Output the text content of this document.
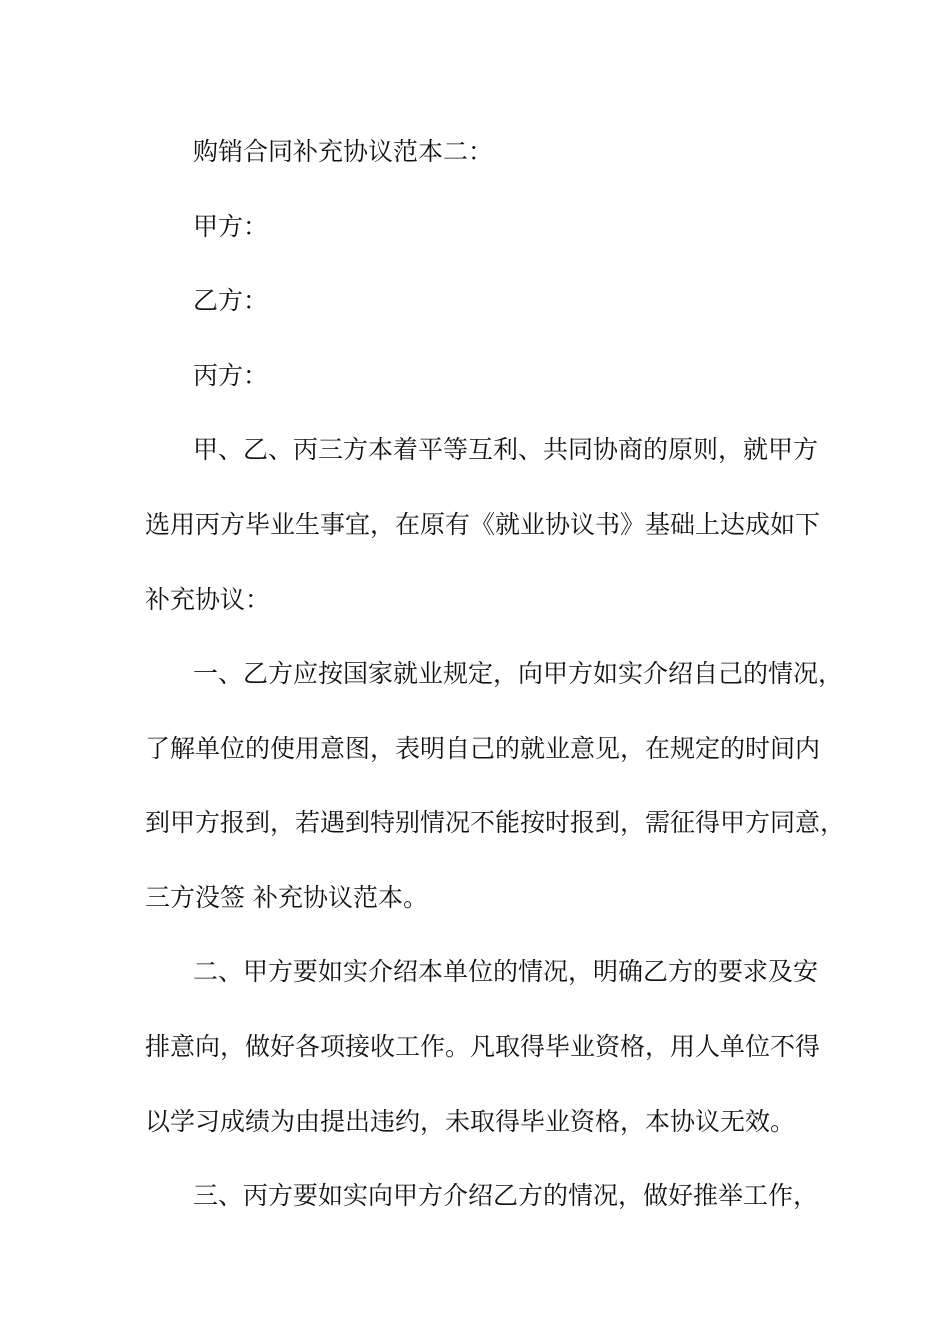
购销合同补充协议范本二：
甲方：
乙方：
丙方：
甲、乙、丙三方本着平等互利、共同协商的原则，就甲方
选用丙方毕业生事宜，在原有《就业协议书》基础上达成如下
补充协议：
一、乙方应按国家就业规定，向甲方如实介绍自己的情况，
了解单位的使用意图，表明自己的就业意见，在规定的时间内
到甲方报到，若遇到特别情况不能按时报到，需征得甲方同意，
三方没签 补充协议范本。
二、甲方要如实介绍本单位的情况，明确乙方的要求及安
排意向，做好各项接收工作。凡取得毕业资格，用人单位不得
以学习成绩为由提出违约，未取得毕业资格，本协议无效。
三、丙方要如实向甲方介绍乙方的情况，做好推举工作，
